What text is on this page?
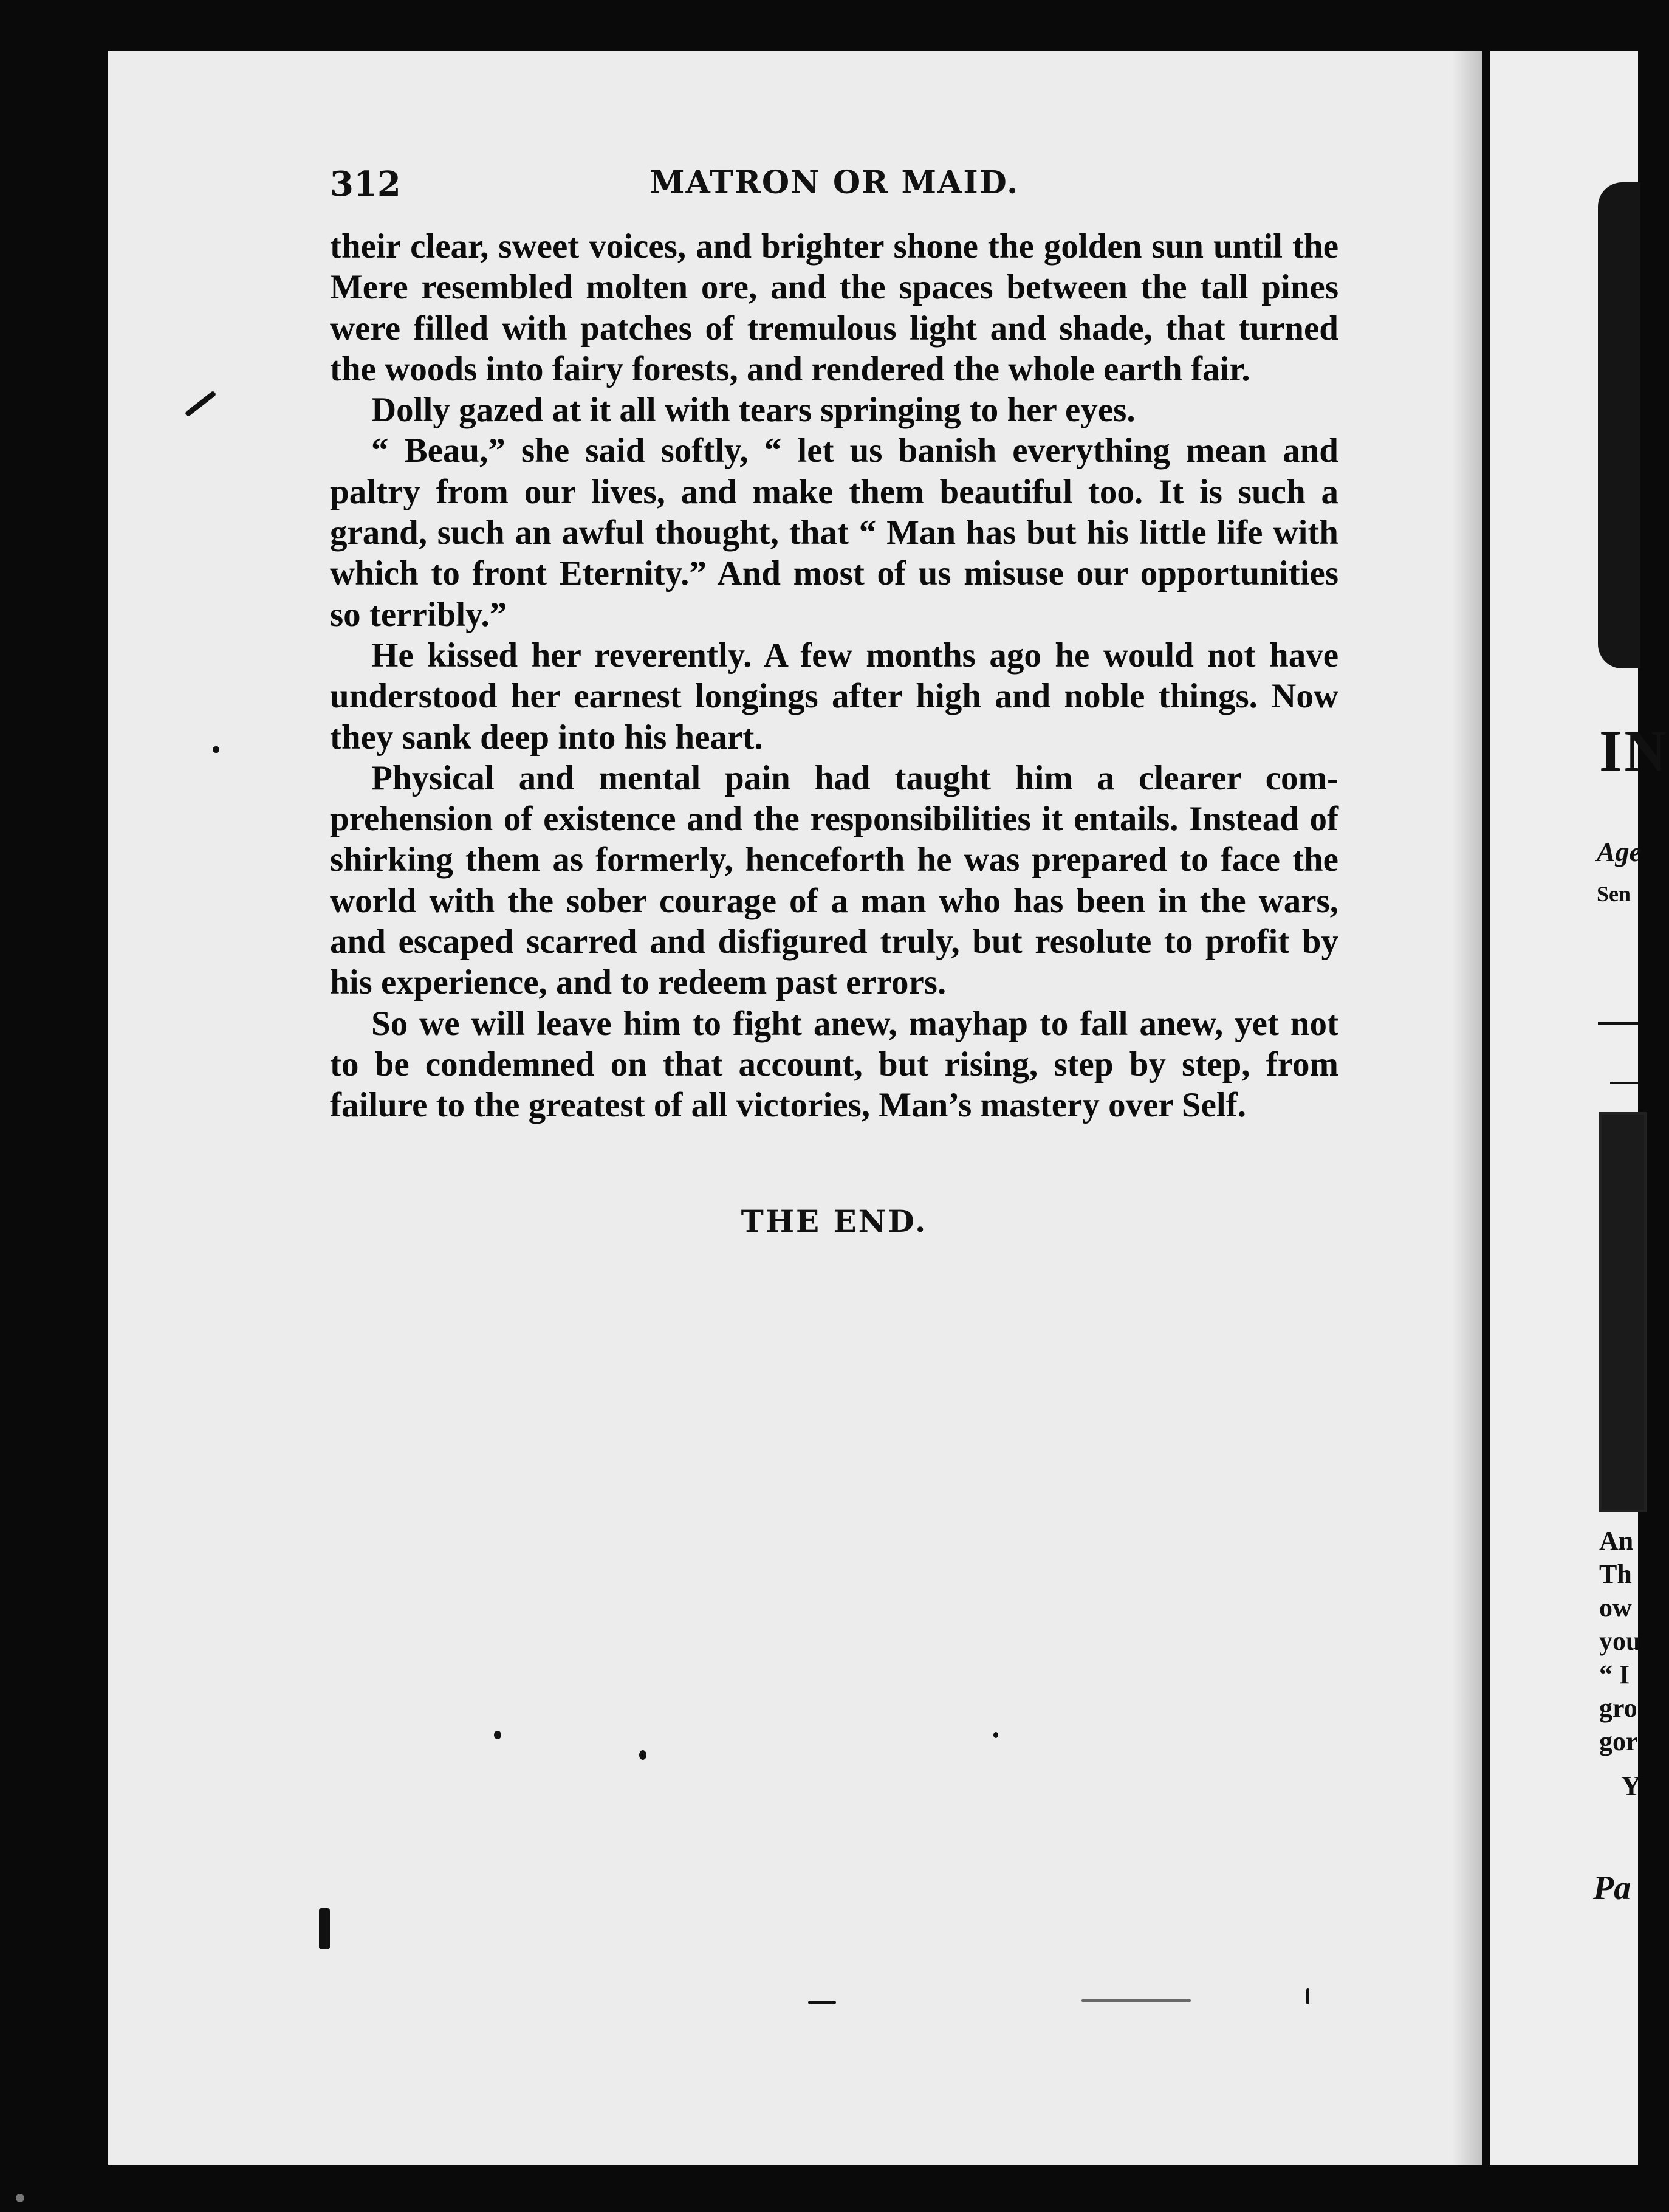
312	MATRON OR MAID.

their clear, sweet voices, and brighter shone the golden sun until the Mere resembled molten ore, and the spaces between the tall pines were filled with patches of tremulous light and shade, that turned the woods into fairy forests, and rendered the whole earth fair.

Dolly gazed at it all with tears springing to her eyes.

“ Beau,” she said softly, “ let us banish everything mean and paltry from our lives, and make them beautiful too. It is such a grand, such an awful thought, that “ Man has but his little life with which to front Eternity.” And most of us misuse our opportunities so terribly.”

He kissed her reverently. A few months ago he would not have understood her earnest longings after high and noble things. Now they sank deep into his heart.

Physical and mental pain had taught him a clearer comprehension of existence and the responsibilities it entails. Instead of shirking them as formerly, henceforth he was prepared to face the world with the sober courage of a man who has been in the wars, and escaped scarred and disfigured truly, but resolute to profit by his experience, and to redeem past errors.

So we will leave him to fight anew, mayhap to fall anew, yet not to be condemned on that account, but rising, step by step, from failure to the greatest of all victories, Man’s mastery over Self.

THE END.
IN
Age
Sen
An
Th
ow
you
“ I
gro
gor
Y
Pa
